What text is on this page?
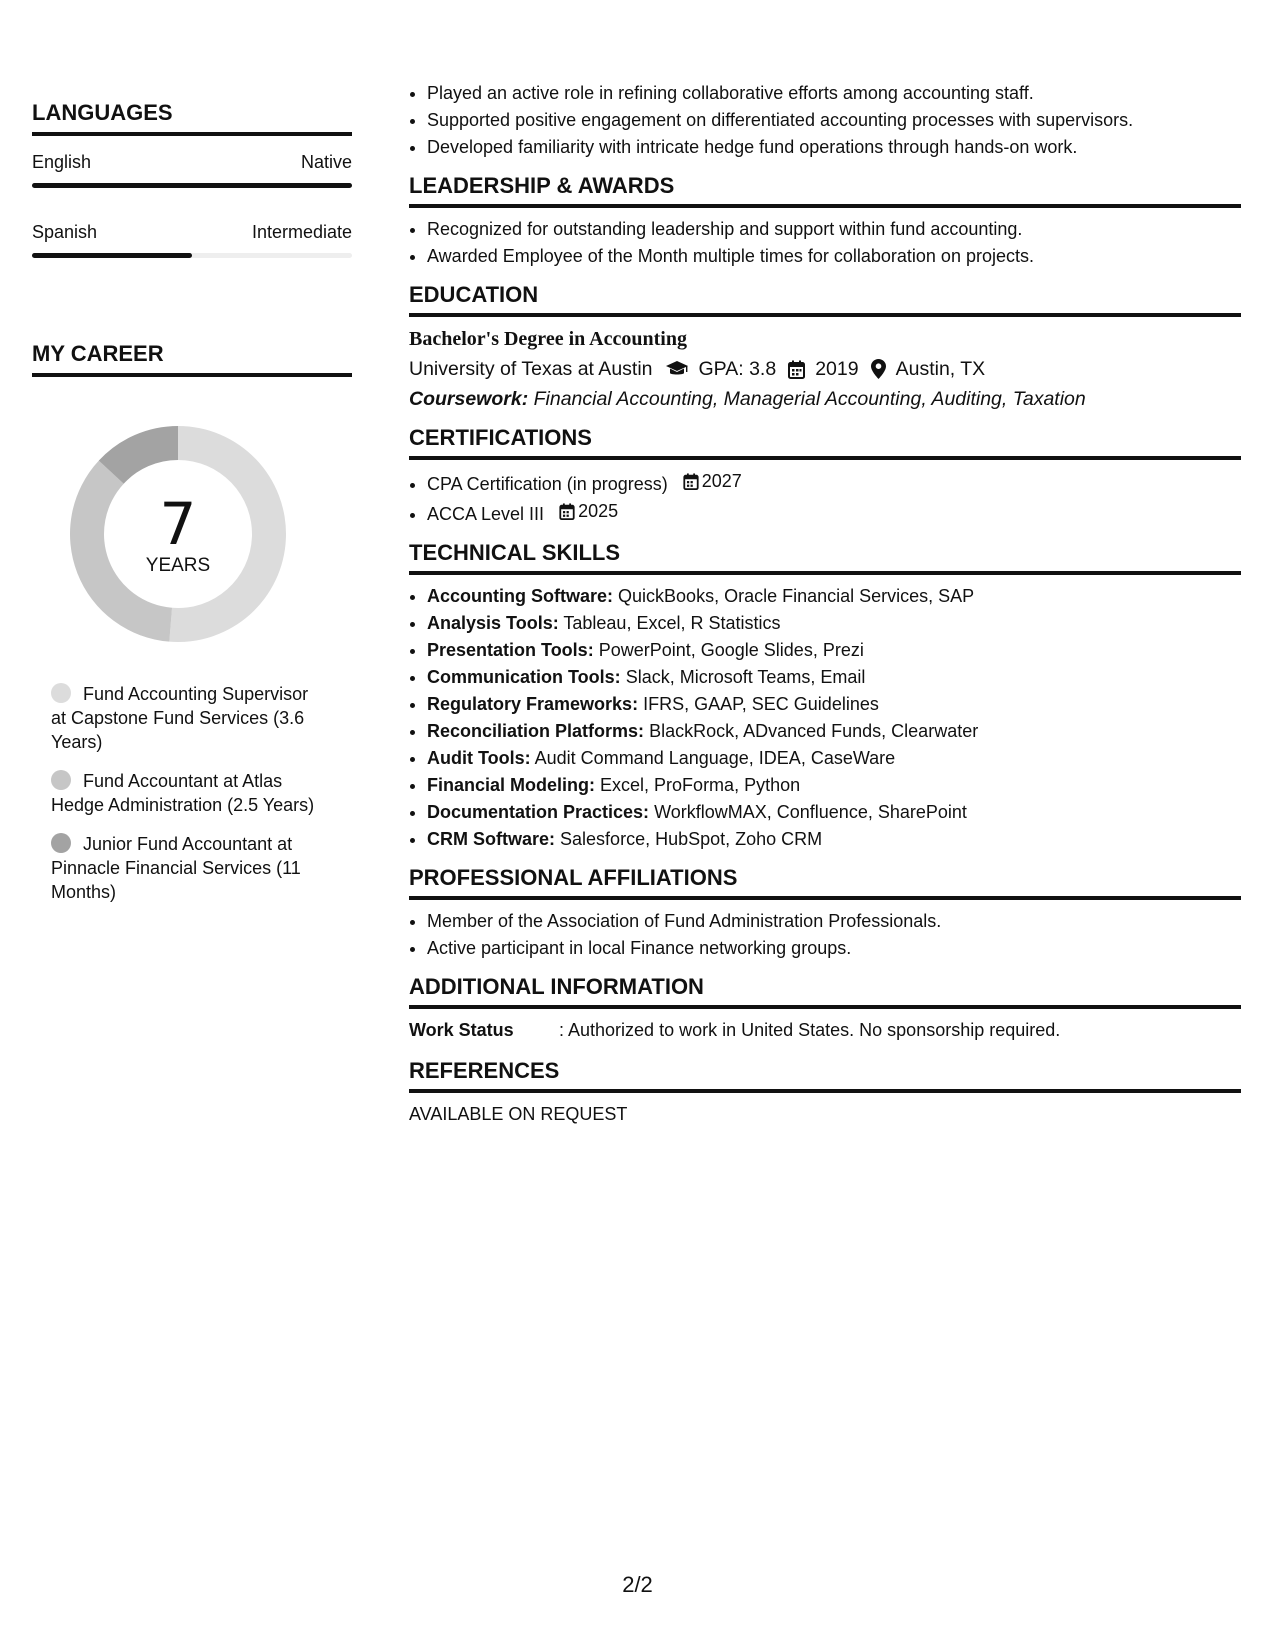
LANGUAGES
English	Native
Spanish	Intermediate
MY CAREER
7
YEARS
Fund Accounting Supervisor at Capstone Fund Services (3.6 Years)
Fund Accountant at Atlas Hedge Administration (2.5 Years)
Junior Fund Accountant at Pinnacle Financial Services (11 Months)
• Played an active role in refining collaborative efforts among accounting staff.
• Supported positive engagement on differentiated accounting processes with supervisors.
• Developed familiarity with intricate hedge fund operations through hands-on work.
LEADERSHIP & AWARDS
• Recognized for outstanding leadership and support within fund accounting.
• Awarded Employee of the Month multiple times for collaboration on projects.
EDUCATION
Bachelor's Degree in Accounting
University of Texas at Austin GPA: 3.8 2019 Austin, TX
Coursework: Financial Accounting, Managerial Accounting, Auditing, Taxation
CERTIFICATIONS
• CPA Certification (in progress) 2027
• ACCA Level III 2025
TECHNICAL SKILLS
• Accounting Software: QuickBooks, Oracle Financial Services, SAP
• Analysis Tools: Tableau, Excel, R Statistics
• Presentation Tools: PowerPoint, Google Slides, Prezi
• Communication Tools: Slack, Microsoft Teams, Email
• Regulatory Frameworks: IFRS, GAAP, SEC Guidelines
• Reconciliation Platforms: BlackRock, ADvanced Funds, Clearwater
• Audit Tools: Audit Command Language, IDEA, CaseWare
• Financial Modeling: Excel, ProForma, Python
• Documentation Practices: WorkflowMAX, Confluence, SharePoint
• CRM Software: Salesforce, HubSpot, Zoho CRM
PROFESSIONAL AFFILIATIONS
• Member of the Association of Fund Administration Professionals.
• Active participant in local Finance networking groups.
ADDITIONAL INFORMATION
Work Status	: Authorized to work in United States. No sponsorship required.
REFERENCES
AVAILABLE ON REQUEST
2/2
